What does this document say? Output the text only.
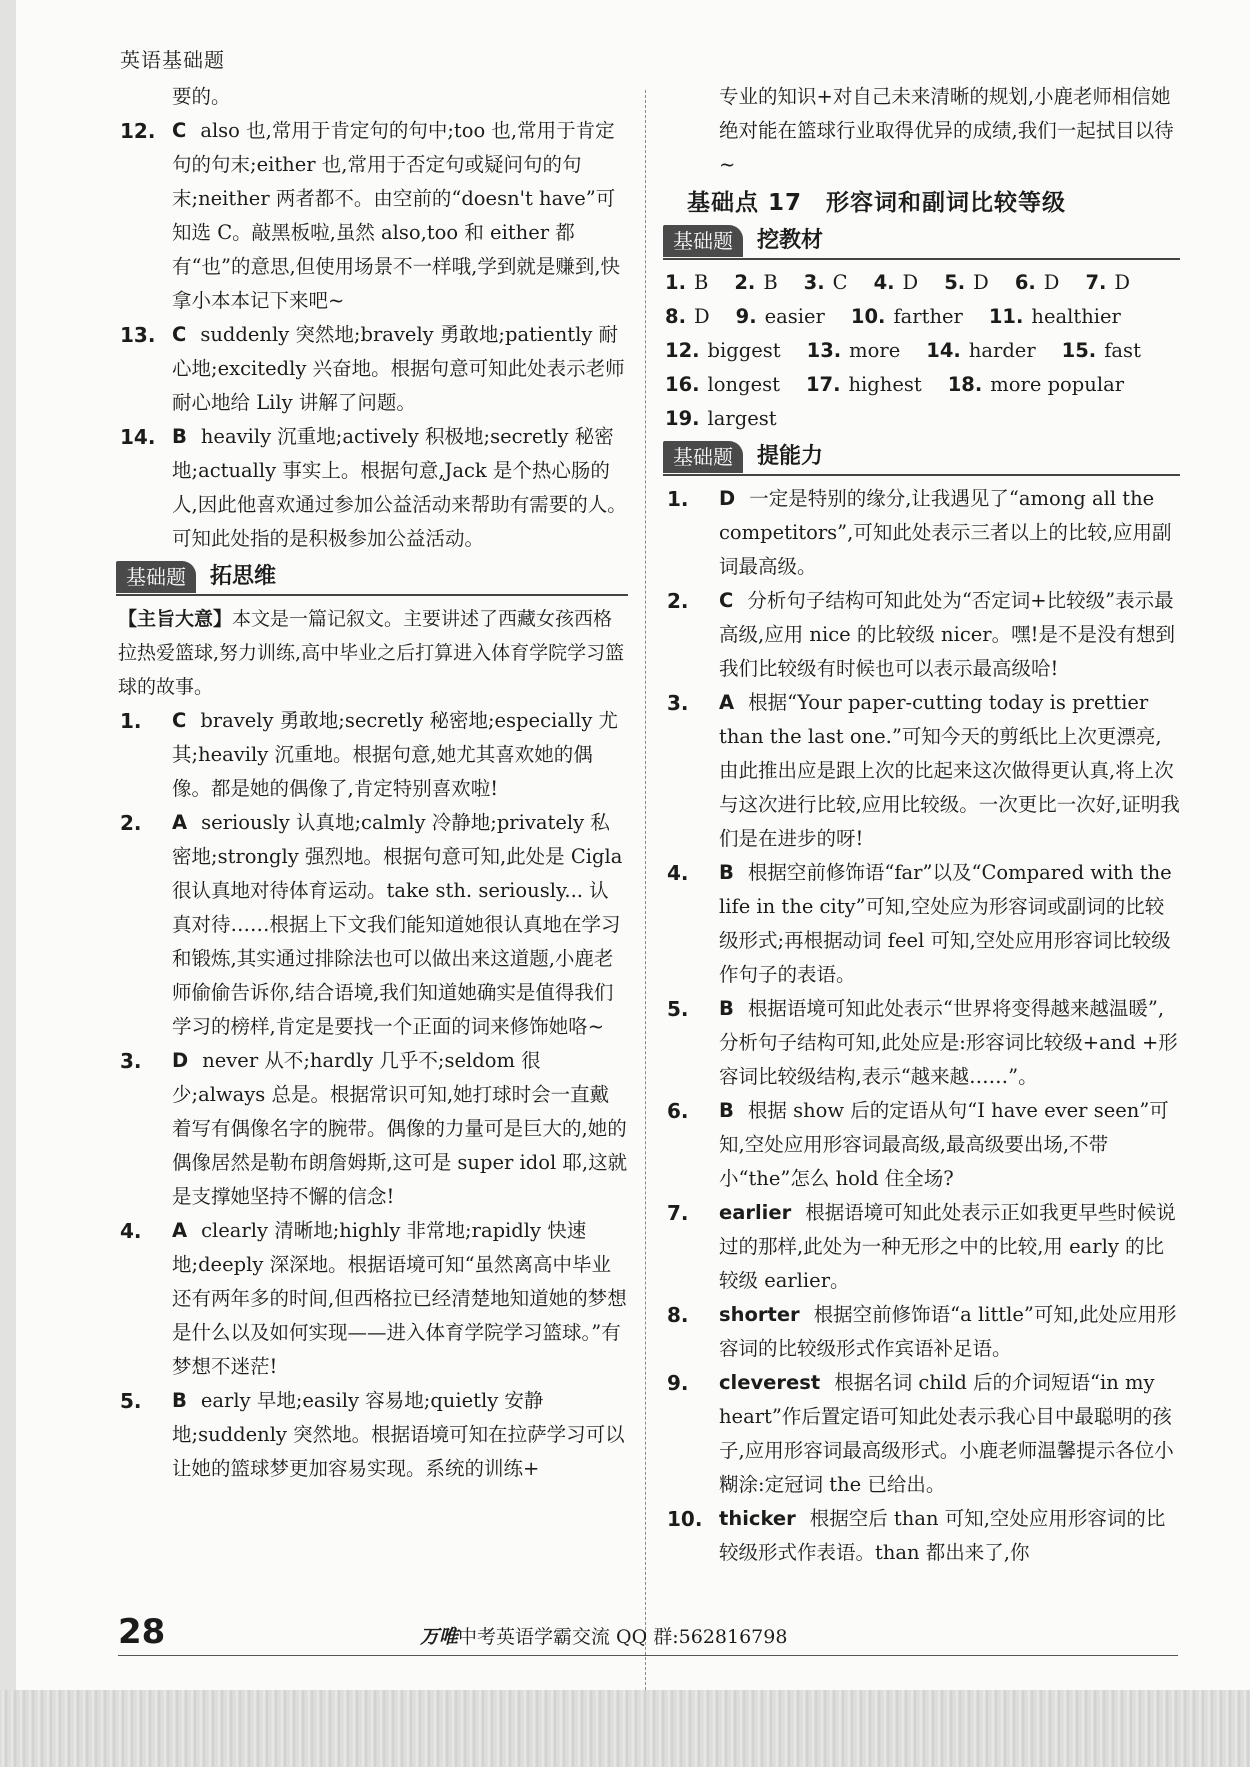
英语基础题

要的。

12. C also 也,常用于肯定句的句中;too 也,常用于肯定句的句末;either 也,常用于否定句或疑问句的句末;neither 两者都不。由空前的“doesn't have”可知选 C。敲黑板啦,虽然 also,too 和 either 都有“也”的意思,但使用场景不一样哦,学到就是赚到,快拿小本本记下来吧~
13. C suddenly 突然地;bravely 勇敢地;patiently 耐心地;excitedly 兴奋地。根据句意可知此处表示老师耐心地给 Lily 讲解了问题。
14. B heavily 沉重地;actively 积极地;secretly 秘密地;actually 事实上。根据句意,Jack 是个热心肠的人,因此他喜欢通过参加公益活动来帮助有需要的人。可知此处指的是积极参加公益活动。
基础题	拓思维

【主旨大意】本文是一篇记叙文。主要讲述了西藏女孩西格拉热爱篮球,努力训练,高中毕业之后打算进入体育学院学习篮球的故事。

1. C bravely 勇敢地;secretly 秘密地;especially 尤其;heavily 沉重地。根据句意,她尤其喜欢她的偶像。都是她的偶像了,肯定特别喜欢啦!
2. A seriously 认真地;calmly 冷静地;privately 私密地;strongly 强烈地。根据句意可知,此处是 Cigla 很认真地对待体育运动。take sth. seriously... 认真对待……根据上下文我们能知道她很认真地在学习和锻炼,其实通过排除法也可以做出来这道题,小鹿老师偷偷告诉你,结合语境,我们知道她确实是值得我们学习的榜样,肯定是要找一个正面的词来修饰她咯~
3. D never 从不;hardly 几乎不;seldom 很少;always 总是。根据常识可知,她打球时会一直戴着写有偶像名字的腕带。偶像的力量可是巨大的,她的偶像居然是勒布朗詹姆斯,这可是 super idol 耶,这就是支撑她坚持不懈的信念!
4. A clearly 清晰地;highly 非常地;rapidly 快速地;deeply 深深地。根据语境可知“虽然离高中毕业还有两年多的时间,但西格拉已经清楚地知道她的梦想是什么以及如何实现——进入体育学院学习篮球。”有梦想不迷茫!
5. B early 早地;easily 容易地;quietly 安静地;suddenly 突然地。根据语境可知在拉萨学习可以让她的篮球梦更加容易实现。系统的训练+

专业的知识+对自己未来清晰的规划,小鹿老师相信她绝对能在篮球行业取得优异的成绩,我们一起拭目以待~

基础点 17　形容词和副词比较等级
基础题	挖教材
1. B 2. B 3. C 4. D 5. D 6. D 7. D
8. D 9. easier 10. farther 11. healthier
12. biggest 13. more 14. harder 15. fast
16. longest 17. highest 18. more popular
19. largest
基础题	提能力
1. D 一定是特别的缘分,让我遇见了“among all the competitors”,可知此处表示三者以上的比较,应用副词最高级。
2. C 分析句子结构可知此处为“否定词+比较级”表示最高级,应用 nice 的比较级 nicer。嘿!是不是没有想到我们比较级有时候也可以表示最高级哈!
3. A 根据“Your paper-cutting today is prettier than the last one.”可知今天的剪纸比上次更漂亮,由此推出应是跟上次的比起来这次做得更认真,将上次与这次进行比较,应用比较级。一次更比一次好,证明我们是在进步的呀!
4. B 根据空前修饰语“far”以及“Compared with the life in the city”可知,空处应为形容词或副词的比较级形式;再根据动词 feel 可知,空处应用形容词比较级作句子的表语。
5. B 根据语境可知此处表示“世界将变得越来越温暖”,分析句子结构可知,此处应是:形容词比较级+and +形容词比较级结构,表示“越来越……”。
6. B 根据 show 后的定语从句“I have ever seen”可知,空处应用形容词最高级,最高级要出场,不带小“the”怎么 hold 住全场?
7. earlier 根据语境可知此处表示正如我更早些时候说过的那样,此处为一种无形之中的比较,用 early 的比较级 earlier。
8. shorter 根据空前修饰语“a little”可知,此处应用形容词的比较级形式作宾语补足语。
9. cleverest 根据名词 child 后的介词短语“in my heart”作后置定语可知此处表示我心目中最聪明的孩子,应用形容词最高级形式。小鹿老师温馨提示各位小糊涂:定冠词 the 已给出。
10. thicker 根据空后 than 可知,空处应用形容词的比较级形式作表语。than 都出来了,你
28	万唯中考英语学霸交流 QQ 群:562816798
